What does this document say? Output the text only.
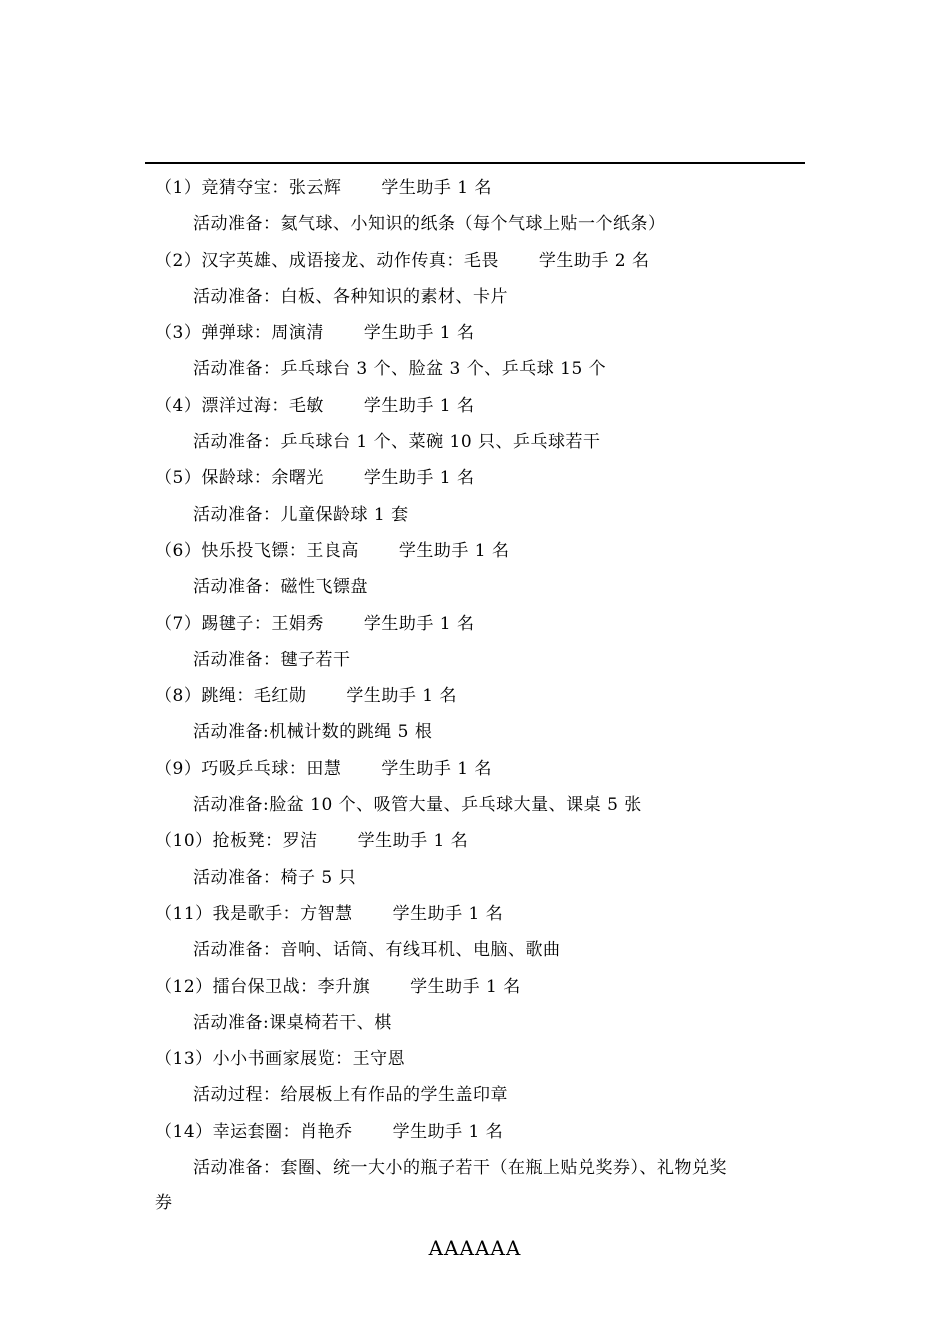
（1）竞猜夺宝：张云辉 学生助手 1 名
活动准备：氦气球、小知识的纸条（每个气球上贴一个纸条）
（2）汉字英雄、成语接龙、动作传真：毛畏 学生助手 2 名
活动准备：白板、各种知识的素材、卡片
（3）弹弹球：周演清 学生助手 1 名
活动准备：乒乓球台 3 个、脸盆 3 个、乒乓球 15 个
（4）漂洋过海：毛敏 学生助手 1 名
活动准备：乒乓球台 1 个、菜碗 10 只、乒乓球若干
（5）保龄球：余曙光 学生助手 1 名
活动准备：儿童保龄球 1 套
（6）快乐投飞镖：王良高 学生助手 1 名
活动准备：磁性飞镖盘
（7）踢毽子：王娟秀 学生助手 1 名
活动准备：毽子若干
（8）跳绳：毛红勋 学生助手 1 名
活动准备:机械计数的跳绳 5 根
（9）巧吸乒乓球：田慧 学生助手 1 名
活动准备:脸盆 10 个、吸管大量、乒乓球大量、课桌 5 张
（10）抢板凳：罗洁 学生助手 1 名
活动准备：椅子 5 只
（11）我是歌手：方智慧 学生助手 1 名
活动准备：音响、话筒、有线耳机、电脑、歌曲
（12）擂台保卫战：李升旗 学生助手 1 名
活动准备:课桌椅若干、棋
（13）小小书画家展览：王守恩
活动过程：给展板上有作品的学生盖印章
（14）幸运套圈：肖艳乔 学生助手 1 名
活动准备：套圈、统一大小的瓶子若干（在瓶上贴兑奖券）、礼物兑奖
券
AAAAAA
